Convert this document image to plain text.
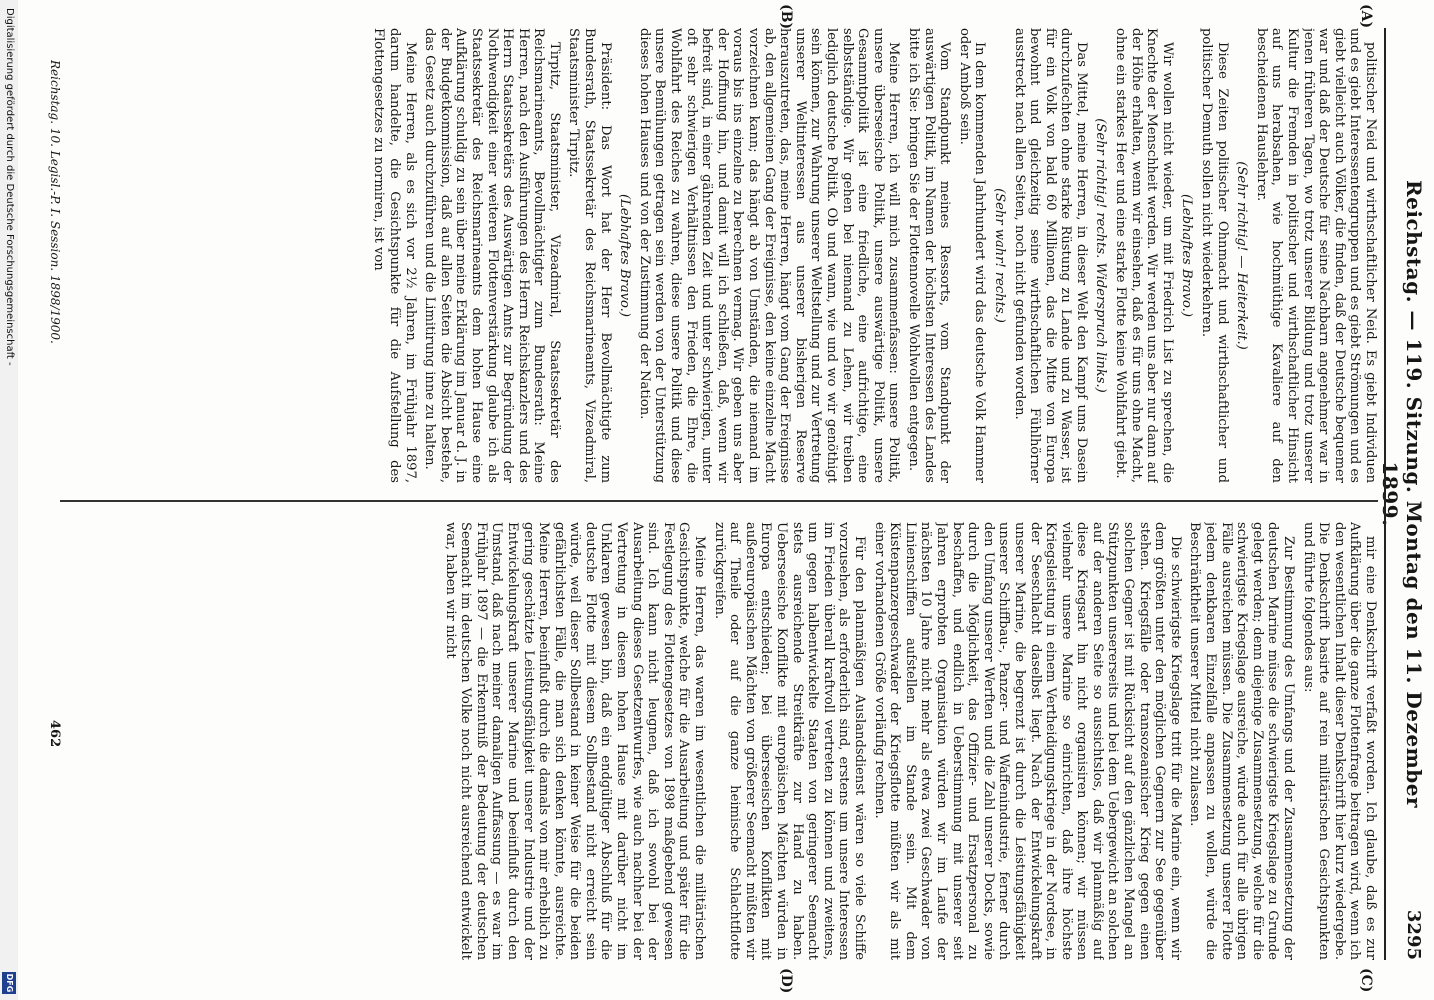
Reichstag. — 119. Sitzung. Montag den 11. Dezember 1899.
3295
(A)
(B)
(C)
(D)

politischer Neid und wirthschaftlicher Neid. Es giebt Individuen und es giebt Interessentengruppen und es giebt Strömungen und es giebt vielleicht auch Völker, die finden, daß der Deutsche bequemer war und daß der Deutsche für seine Nachbarn angenehmer war in jenen früheren Tagen, wo trotz unserer Bildung und trotz unserer Kultur die Fremden in politischer und wirthschaftlicher Hinsicht auf uns herabsahen, wie hochmüthige Kavaliere auf den bescheidenen Hauslehrer.

(Sehr richtig! — Heiterkeit.)

Diese Zeiten politischer Ohnmacht und wirthschaftlicher und politischer Demuth sollen nicht wiederkehren.

(Lebhaftes Bravo.)

Wir wollen nicht wieder, um mit Friedrich List zu sprechen, die Knechte der Menschheit werden. Wir werden uns aber nur dann auf der Höhe erhalten, wenn wir einsehen, daß es für uns ohne Macht, ohne ein starkes Heer und eine starke Flotte keine Wohlfahrt giebt.

(Sehr richtig! rechts. Widerspruch links.)

Das Mittel, meine Herren, in dieser Welt den Kampf ums Dasein durchzufechten ohne starke Rüstung zu Lande und zu Wasser, ist für ein Volk von bald 60 Millionen, das die Mitte von Europa bewohnt und gleichzeitig seine wirthschaftlichen Fühlhörner ausstreckt nach allen Seiten, noch nicht gefunden worden.

(Sehr wahr! rechts.)

In dem kommenden Jahrhundert wird das deutsche Volk Hammer oder Amboß sein.

Vom Standpunkt meines Ressorts, vom Standpunkt der auswärtigen Politik, im Namen der höchsten Interessen des Landes bitte ich Sie: bringen Sie der Flottennovelle Wohlwollen entgegen.

Meine Herren, ich will mich zusammenfassen: unsere Politik, unsere überseeische Politik, unsere auswärtige Politik, unsere Gesammtpolitik ist eine friedliche, eine aufrichtige, eine selbstständige. Wir gehen bei niemand zu Lehen, wir treiben lediglich deutsche Politik. Ob und wann, wie und wo wir genöthigt sein können, zur Wahrung unserer Weltstellung und zur Vertretung unserer Weltinteressen aus unserer bisherigen Reserve herauszutreten, das, meine Herren, hängt vom Gang der Ereignisse ab, den allgemeinen Gang der Ereignisse, den keine einzelne Macht vorzeichnen kann; das hängt ab von Umständen, die niemand im voraus bis ins einzelne zu berechnen vermag. Wir geben uns aber der Hoffnung hin, und damit will ich schließen, daß, wenn wir befreit sind, in einer gährenden Zeit und unter schwierigen, unter oft sehr schwierigen Verhältnissen den Frieden, die Ehre, die Wohlfahrt des Reiches zu wahren, diese unsere Politik und diese unsere Bemühungen getragen sein werden von der Unterstützung dieses hohen Hauses und von der Zustimmung der Nation.

(Lebhaftes Bravo.)

Präsident: Das Wort hat der Herr Bevollmächtigte zum Bundesrath, Staatssekretär des Reichsmarineamts, Vizeadmiral, Staatsminister Tirpitz.

Tirpitz, Staatsminister, Vizeadmiral, Staatssekretär des Reichsmarineamts, Bevollmächtigter zum Bundesrath: Meine Herren, nach den Ausführungen des Herrn Reichskanzlers und des Herrn Staatssekretärs des Auswärtigen Amts zur Begründung der Nothwendigkeit einer weiteren Flottenverstärkung glaube ich als Staatssekretär des Reichsmarineamts dem hohen Hause eine Aufklärung schuldig zu sein über meine Erklärung im Januar d. J. in der Budgetkommission, daß auf allen Seiten die Absicht bestehe, das Gesetz auch durchzuführen und die Limitirung inne zu halten.

Meine Herren, als es sich vor 2½ Jahren, im Frühjahr 1897, darum handelte, die Gesichtspunkte für die Aufstellung des Flottengesetzes zu normiren, ist von

mir eine Denkschrift verfaßt worden. Ich glaube, daß es zur Aufklärung über die ganze Flottenfrage beitragen wird, wenn ich den wesentlichen Inhalt dieser Denkschrift hier kurz wiedergebe. Die Denkschrift basirte auf rein militärischen Gesichtspunkten und führte folgendes aus:

Zur Bestimmung des Umfangs und der Zusammensetzung der deutschen Marine müsse die schwierigste Kriegslage zu Grunde gelegt werden; denn diejenige Zusammensetzung, welche für die schwierigste Kriegslage ausreiche, würde auch für alle übrigen Fälle ausreichen müssen. Die Zusammensetzung unserer Flotte jedem denkbaren Einzelfalle anpassen zu wollen, würde die Beschränktheit unserer Mittel nicht zulassen.

Die schwierigste Kriegslage tritt für die Marine ein, wenn wir dem größten unter den möglichen Gegnern zur See gegenüber stehen. Kriegsfälle oder transozeanischer Krieg gegen einen solchen Gegner ist mit Rücksicht auf den gänzlichen Mangel an Stützpunkten unsererseits und bei dem Uebergewicht an solchen auf der anderen Seite so aussichtslos, daß wir planmäßig auf diese Kriegsart hin nicht organisiren können; wir müssen vielmehr unsere Marine so einrichten, daß ihre höchste Kriegsleistung in einem Vertheidigungskriege in der Nordsee, in der Seeschlacht daselbst liegt. Nach der Entwickelungskraft unserer Marine, die begrenzt ist durch die Leistungsfähigkeit unserer Schiffbau-, Panzer- und Waffenindustrie, ferner durch den Umfang unserer Werften und die Zahl unserer Docks, sowie durch die Möglichkeit, das Offizier- und Ersatzpersonal zu beschaffen, und endlich in Ueberstimmung mit unserer seit Jahren erprobten Organisation würden wir im Laufe der nächsten 10 Jahre nicht mehr als etwa zwei Geschwader von Linienschiffen aufstellen im Stande sein. Mit dem Küstenpanzergeschwader der Kriegsflotte müßten wir als mit einer vorhandenen Größe vorläufig rechnen.

Für den planmäßigen Auslandsdienst wären so viele Schiffe vorzusehen, als erforderlich sind, erstens um unsere Interessen im Frieden überall kraftvoll vertreten zu können und zweitens, um gegen halbentwickelte Staaten von geringerer Seemacht stets ausreichende Streitkräfte zur Hand zu haben. Ueberseeische Konflikte mit europäischen Mächten würden in Europa entschieden; bei überseeischen Konflikten mit außereuropäischen Mächten von größerer Seemacht müßten wir auf Theile oder auf die ganze heimische Schlachtflotte zurückgreifen.

Meine Herren, das waren im wesentlichen die militärischen Gesichtspunkte, welche für die Ausarbeitung und später für die Festlegung des Flottengesetzes von 1898 maßgebend gewesen sind. Ich kann nicht leugnen, daß ich sowohl bei der Ausarbeitung dieses Gesetzentwurfes, wie auch nachher bei der Vertretung in diesem hohen Hause mit darüber nicht im Unklaren gewesen bin, daß ein endgültiger Abschluß für die deutsche Flotte mit diesem Sollbestand nicht erreicht sein würde, weil dieser Sollbestand in keiner Weise für die beiden gefährlichsten Fälle, die man sich denken könnte, ausreichte. Meine Herren, beeinflußt durch die damals von mir erheblich zu gering geschätzte Leistungsfähigkeit unserer Industrie und der Entwickelungskraft unserer Marine und beeinflußt durch den Umstand, daß nach meiner damaligen Auffassung — es war im Frühjahr 1897 — die Erkenntniß der Bedeutung der deutschen Seemacht im deutschen Volke noch nicht ausreichend entwickelt war, haben wir nicht

Reichstag. 10. Legisl.-P. I. Session. 1898/1900.
462
Digitalisierung gefördert durch die Deutsche Forschungsgemeinschaft -
DFG
